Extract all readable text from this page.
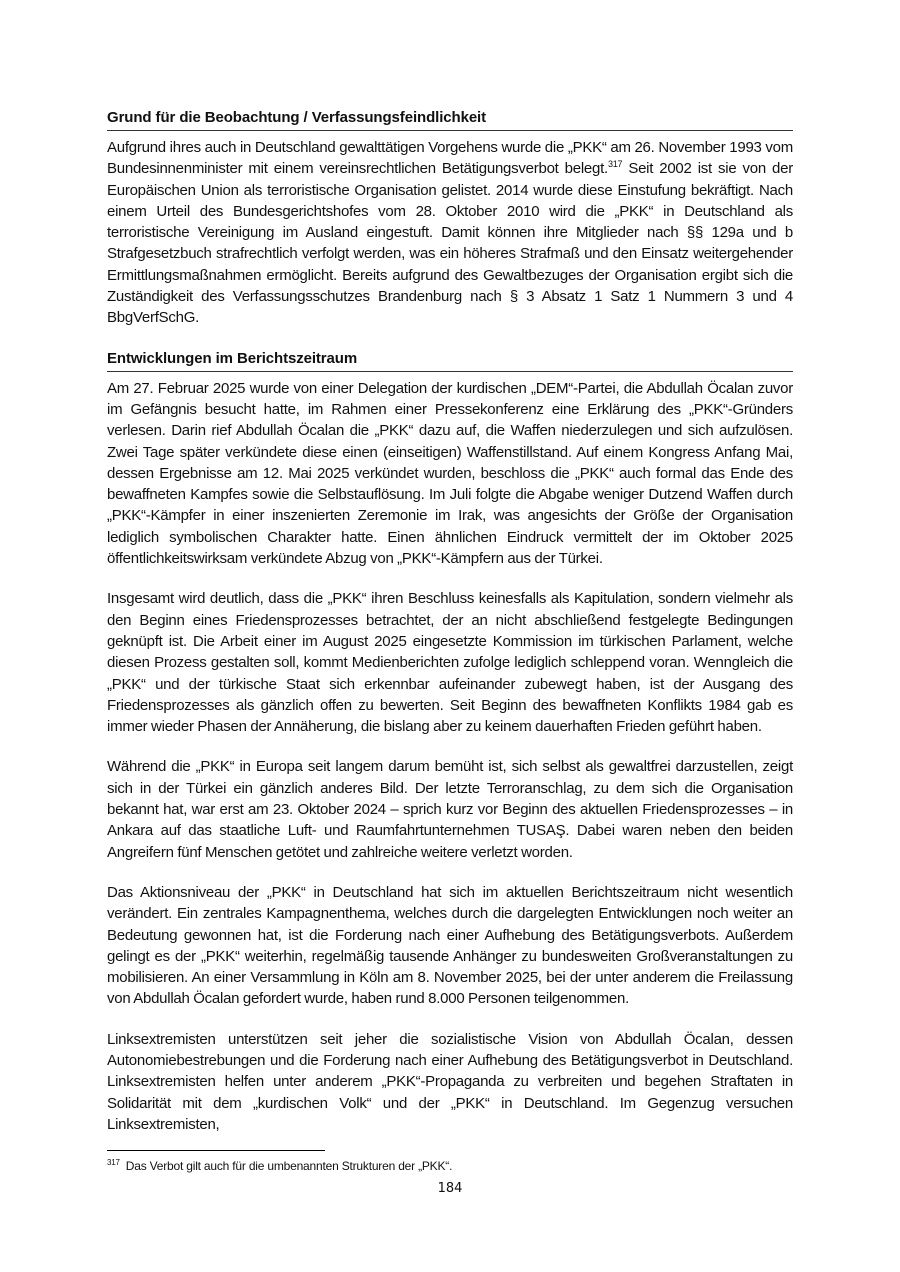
Grund für die Beobachtung / Verfassungsfeindlichkeit

Aufgrund ihres auch in Deutschland gewalttätigen Vorgehens wurde die „PKK“ am 26. November 1993 vom Bundesinnenminister mit einem vereinsrechtlichen Betätigungsverbot belegt.$^{317}$ Seit 2002 ist sie von der Europäischen Union als terroristische Organisation gelistet. 2014 wurde diese Einstufung bekräftigt. Nach einem Urteil des Bundesgerichtshofes vom 28. Oktober 2010 wird die „PKK“ in Deutschland als terroristische Vereinigung im Ausland eingestuft. Damit können ihre Mitglieder nach §§ 129a und b Strafgesetzbuch strafrechtlich verfolgt werden, was ein höheres Strafmaß und den Einsatz weitergehender Ermittlungsmaßnahmen ermöglicht. Bereits aufgrund des Gewaltbezuges der Organisation ergibt sich die Zuständigkeit des Verfassungsschutzes Brandenburg nach § 3 Absatz 1 Satz 1 Nummern 3 und 4 BbgVerfSchG.

Entwicklungen im Berichtszeitraum

Am 27. Februar 2025 wurde von einer Delegation der kurdischen „DEM“-Partei, die Abdullah Öcalan zuvor im Gefängnis besucht hatte, im Rahmen einer Pressekonferenz eine Erklärung des „PKK“-Gründers verlesen. Darin rief Abdullah Öcalan die „PKK“ dazu auf, die Waffen niederzulegen und sich aufzulösen. Zwei Tage später verkündete diese einen (einseitigen) Waffenstillstand. Auf einem Kongress Anfang Mai, dessen Ergebnisse am 12. Mai 2025 verkündet wurden, beschloss die „PKK“ auch formal das Ende des bewaffneten Kampfes sowie die Selbstauflösung. Im Juli folgte die Abgabe weniger Dutzend Waffen durch „PKK“-Kämpfer in einer inszenierten Zeremonie im Irak, was angesichts der Größe der Organisation lediglich symbolischen Charakter hatte. Einen ähnlichen Eindruck vermittelt der im Oktober 2025 öffentlichkeitswirksam verkündete Abzug von „PKK“-Kämpfern aus der Türkei.

Insgesamt wird deutlich, dass die „PKK“ ihren Beschluss keinesfalls als Kapitulation, sondern vielmehr als den Beginn eines Friedensprozesses betrachtet, der an nicht abschließend festgelegte Bedingungen geknüpft ist. Die Arbeit einer im August 2025 eingesetzte Kommission im türkischen Parlament, welche diesen Prozess gestalten soll, kommt Medienberichten zufolge lediglich schleppend voran. Wenngleich die „PKK“ und der türkische Staat sich erkennbar aufeinander zubewegt haben, ist der Ausgang des Friedensprozesses als gänzlich offen zu bewerten. Seit Beginn des bewaffneten Konflikts 1984 gab es immer wieder Phasen der Annäherung, die bislang aber zu keinem dauerhaften Frieden geführt haben.

Während die „PKK“ in Europa seit langem darum bemüht ist, sich selbst als gewaltfrei darzustellen, zeigt sich in der Türkei ein gänzlich anderes Bild. Der letzte Terroranschlag, zu dem sich die Organisation bekannt hat, war erst am 23. Oktober 2024 – sprich kurz vor Beginn des aktuellen Friedensprozesses – in Ankara auf das staatliche Luft- und Raumfahrtunternehmen TUSAŞ. Dabei waren neben den beiden Angreifern fünf Menschen getötet und zahlreiche weitere verletzt worden.

Das Aktionsniveau der „PKK“ in Deutschland hat sich im aktuellen Berichtszeitraum nicht wesentlich verändert. Ein zentrales Kampagnenthema, welches durch die dargelegten Entwicklungen noch weiter an Bedeutung gewonnen hat, ist die Forderung nach einer Aufhebung des Betätigungsverbots. Außerdem gelingt es der „PKK“ weiterhin, regelmäßig tausende Anhänger zu bundesweiten Großveranstaltungen zu mobilisieren. An einer Versammlung in Köln am 8. November 2025, bei der unter anderem die Freilassung von Abdullah Öcalan gefordert wurde, haben rund 8.000 Personen teilgenommen.

Linksextremisten unterstützen seit jeher die sozialistische Vision von Abdullah Öcalan, dessen Autonomiebestrebungen und die Forderung nach einer Aufhebung des Betätigungsverbot in Deutschland. Linksextremisten helfen unter anderem „PKK“-Propaganda zu verbreiten und begehen Straftaten in Solidarität mit dem „kurdischen Volk“ und der „PKK“ in Deutschland. Im Gegenzug versuchen Linksextremisten,

$^{317}$ Das Verbot gilt auch für die umbenannten Strukturen der „PKK“.
184
